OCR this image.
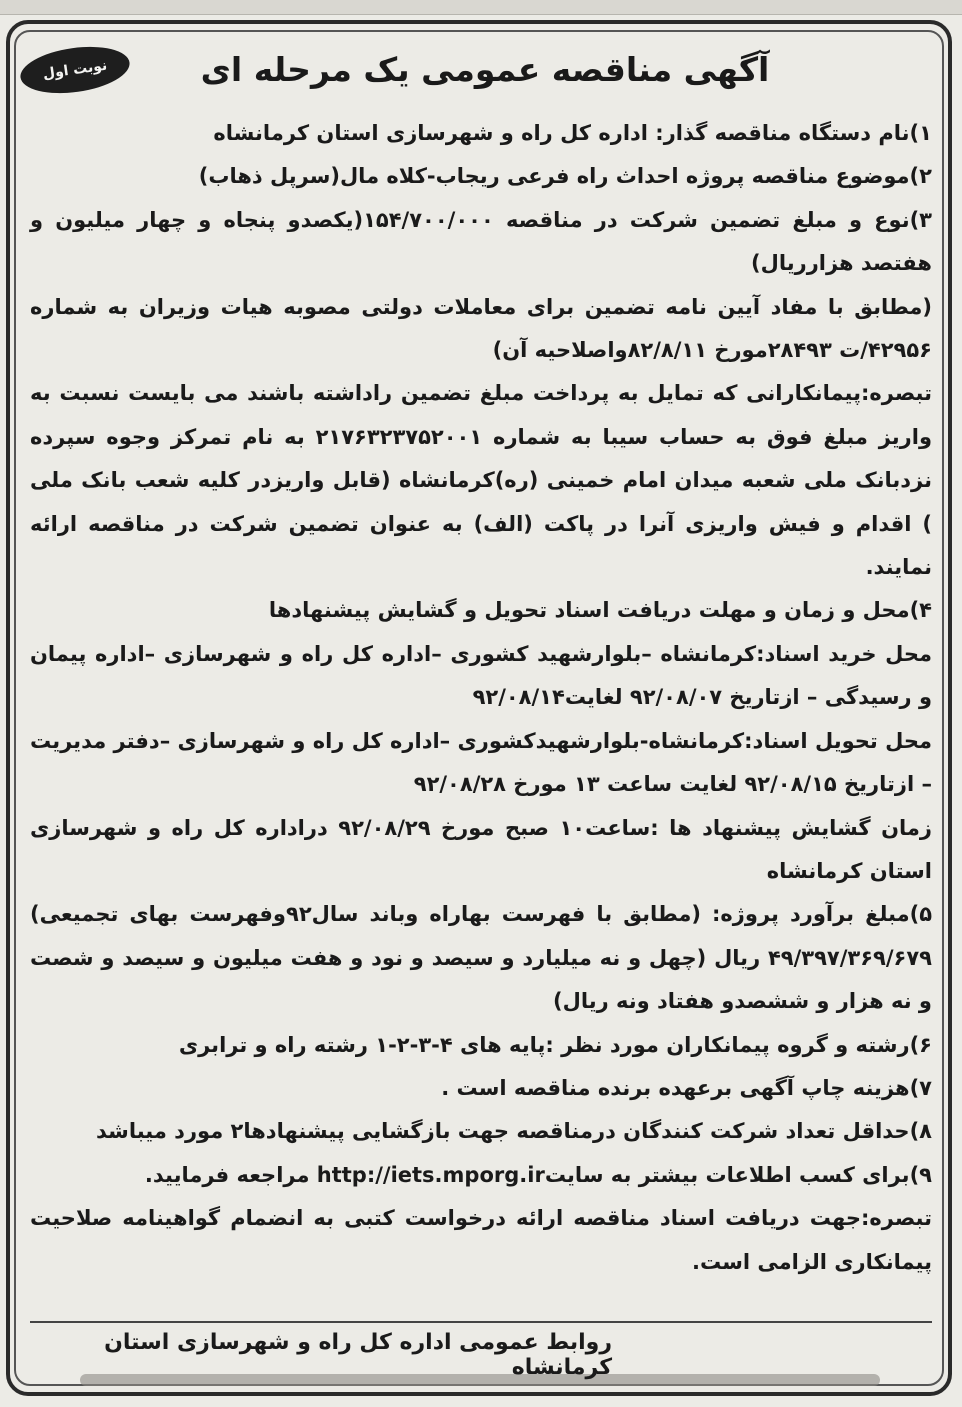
نوبت اول	آگهی مناقصه عمومی یک مرحله ای

۱)نام دستگاه مناقصه گذار: اداره کل راه و شهرسازی استان کرمانشاه

۲)موضوع مناقصه پروژه احداث راه فرعی ریجاب-کلاه مال(سرپل ذهاب)

۳)نوع و مبلغ تضمین شرکت در مناقصه ۱۵۴/۷۰۰/۰۰۰(یکصدو پنجاه و چهار میلیون و هفتصد هزارریال)

(مطابق با مفاد آیین نامه تضمین برای معاملات دولتی مصوبه هیات وزیران به شماره ۴۲۹۵۶/ت ۲۸۴۹۳مورخ ۸۲/۸/۱۱واصلاحیه آن)

تبصره:پیمانکارانی که تمایل به پرداخت مبلغ تضمین راداشته باشند می بایست نسبت به واریز مبلغ فوق به حساب سیبا به شماره ۲۱۷۶۳۲۳۷۵۲۰۰۱ به نام تمرکز وجوه سپرده نزدبانک ملی شعبه میدان امام خمینی (ره)کرمانشاه (قابل واریزدر کلیه شعب بانک ملی ) اقدام و فیش واریزی آنرا در پاکت (الف) به عنوان تضمین شرکت در مناقصه ارائه نمایند.

۴)محل و زمان و مهلت دریافت اسناد تحویل و گشایش پیشنهادها

محل خرید اسناد:کرمانشاه –بلوارشهید کشوری –اداره کل راه و شهرسازی –اداره پیمان و رسیدگی – ازتاریخ ۹۲/۰۸/۰۷ لغایت۹۲/۰۸/۱۴

محل تحویل اسناد:کرمانشاه-بلوارشهیدکشوری –اداره کل راه و شهرسازی –دفتر مدیریت – ازتاریخ ۹۲/۰۸/۱۵ لغایت ساعت ۱۳ مورخ ۹۲/۰۸/۲۸

زمان گشایش پیشنهاد ها :ساعت۱۰ صبح مورخ ۹۲/۰۸/۲۹ دراداره کل راه و شهرسازی استان کرمانشاه

۵)مبلغ برآورد پروژه: (مطابق با فهرست بهاراه وباند سال۹۲وفهرست بهای تجمیعی) ۴۹/۳۹۷/۳۶۹/۶۷۹ ریال (چهل و نه میلیارد و سیصد و نود و هفت میلیون و سیصد و شصت و نه هزار و ششصدو هفتاد ونه ریال)

۶)رشته و گروه پیمانکاران مورد نظر :پایه های ۴-۳-۲-۱ رشته راه و ترابری

۷)هزینه چاپ آگهی برعهده برنده مناقصه است .

۸)حداقل تعداد شرکت کنندگان درمناقصه جهت بازگشایی پیشنهادها۲ مورد میباشد

۹)برای کسب اطلاعات بیشتر به سایتhttp://iets.mporg.ir مراجعه فرمایید.

تبصره:جهت دریافت اسناد مناقصه ارائه درخواست کتبی به انضمام گواهینامه صلاحیت پیمانکاری الزامی است.

روابط عمومی اداره کل راه و شهرسازی استان کرمانشاه
